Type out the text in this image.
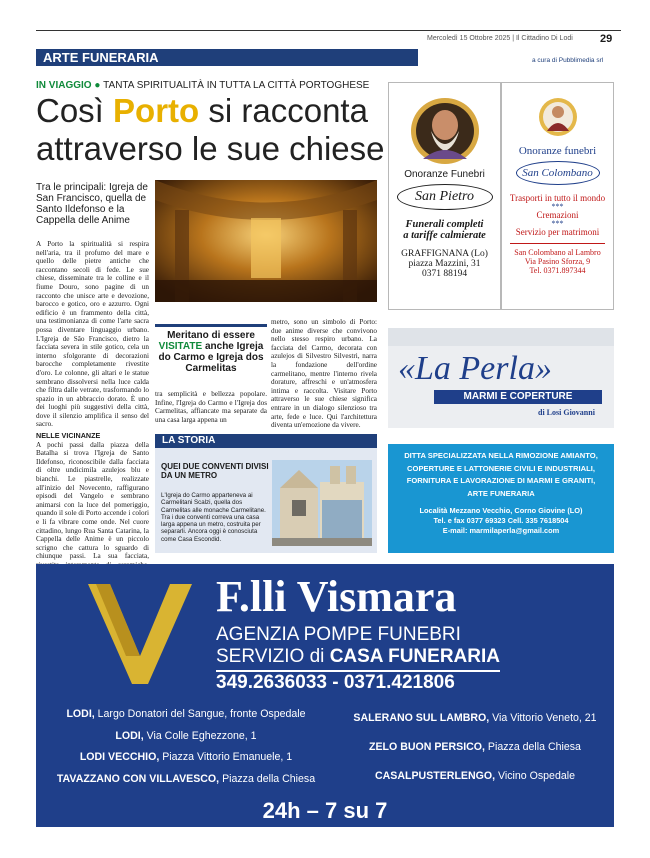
Mercoledì 15 Ottobre 2025 | Il Cittadino Di Lodi 29
ARTE FUNERARIA	a cura di Pubblimedia srl
IN VIAGGIO ● TANTA SPIRITUALITÀ IN TUTTA LA CITTÀ PORTOGHESE
Così Porto si racconta attraverso le sue chiese
Tra le principali: Igreja de San Francisco, quella de Santo Ildefonso e la Cappella delle Anime

A Porto la spiritualità si respira nell'aria, tra il profumo del mare e quello delle pietre antiche che raccontano secoli di fede. Le sue chiese, disseminate tra le colline e il fiume Douro, sono pagine di un racconto che unisce arte e devozione, barocco e gotico, oro e azzurro. Ogni edificio è un frammento della città, una testimonianza di come l'arte sacra possa diventare linguaggio urbano. L'Igreja de São Francisco, dietro la facciata severa in stile gotico, cela un interno sfolgorante di decorazioni barocche completamente rivestite d'oro. Le colonne, gli altari e le statue sembrano dissolversi nella luce calda che filtra dalle vetrate, trasformando lo spazio in un abbraccio dorato. È uno dei luoghi più suggestivi della città, dove il silenzio amplifica il senso del sacro.

NELLE VICINANZE

A pochi passi dalla piazza della Batalha si trova l'Igreja de Santo Ildefonso, riconoscibile dalla facciata di oltre undicimila azulejos blu e bianchi. Le piastrelle, realizzate all'inizio del Novecento, raffigurano episodi del Vangelo e sembrano animarsi con la luce del pomeriggio, quando il sole di Porto accende i colori e li fa vibrare come onde. Nel cuore cittadino, lungo Rua Santa Catarina, la Cappella delle Anime è un piccolo scrigno che cattura lo sguardo di chiunque passi. La sua facciata,

Meritano di essere VISITATE anche Igreja do Carmo e Igreja dos Carmelitas
tra semplicità e bellezza popolare. Infine, l'Igreja do Carmo e l'Igreja dos Carmelitas, affiancate ma separate da una casa larga appena un
metro, sono un simbolo di Porto: due anime diverse che convivono nello stesso respiro urbano. La facciata del Carmo, decorata con azulejos di Silvestro Silvestri, narra la fondazione dell'ordine carmelitano, mentre l'interno rivela dorature, affreschi e un'atmosfera intima e raccolta. Visitare Porto attraverso le sue chiese significa entrare in un dialogo silenzioso tra arte, fede e luce. Qui l'architettura diventa un'emozione da vivere.
LA STORIA
QUEI DUE CONVENTI DIVISI DA UN METRO
L'Igreja do Carmo apparteneva ai Carmelitani Scalzi, quella dos Carmelitas alle monache Carmelitane. Tra i due conventi correva una casa larga appena un metro, costruita per separarli. Ancora oggi è conosciuta come Casa Escondid.
Onoranze Funebri
San Pietro
Funerali completi
a tariffe calmierate
GRAFFIGNANA (Lo)
piazza Mazzini, 31
0371 88194
Onoranze funebri
San Colombano
Trasporti in tutto il mondo
***
Cremazioni
***
Servizio per matrimoni
San Colombano al Lambro
Via Pasino Sforza, 9
Tel. 0371.897344
«La Perla»
MARMI E COPERTURE
di Losi Giovanni
DITTA SPECIALIZZATA NELLA RIMOZIONE AMIANTO, COPERTURE E LATTONERIE CIVILI E INDUSTRIALI, FORNITURA E LAVORAZIONE DI MARMI E GRANITI, ARTE FUNERARIA
Località Mezzano Vecchio, Corno Giovine (LO)
Tel. e fax 0377 69323 Cell. 335 7618504
E-mail: marmilaperla@gmail.com
F.lli Vismara
AGENZIA POMPE FUNEBRI
SERVIZIO di CASA FUNERARIA
349.2636033 - 0371.421806
LODI, Largo Donatori del Sangue, fronte Ospedale
LODI, Via Colle Eghezzone, 1
LODI VECCHIO, Piazza Vittorio Emanuele, 1
TAVAZZANO CON VILLAVESCO, Piazza della Chiesa
SALERANO SUL LAMBRO, Via Vittorio Veneto, 21
ZELO BUON PERSICO, Piazza della Chiesa
CASALPUSTERLENGO, Vicino Ospedale
24h – 7 su 7
